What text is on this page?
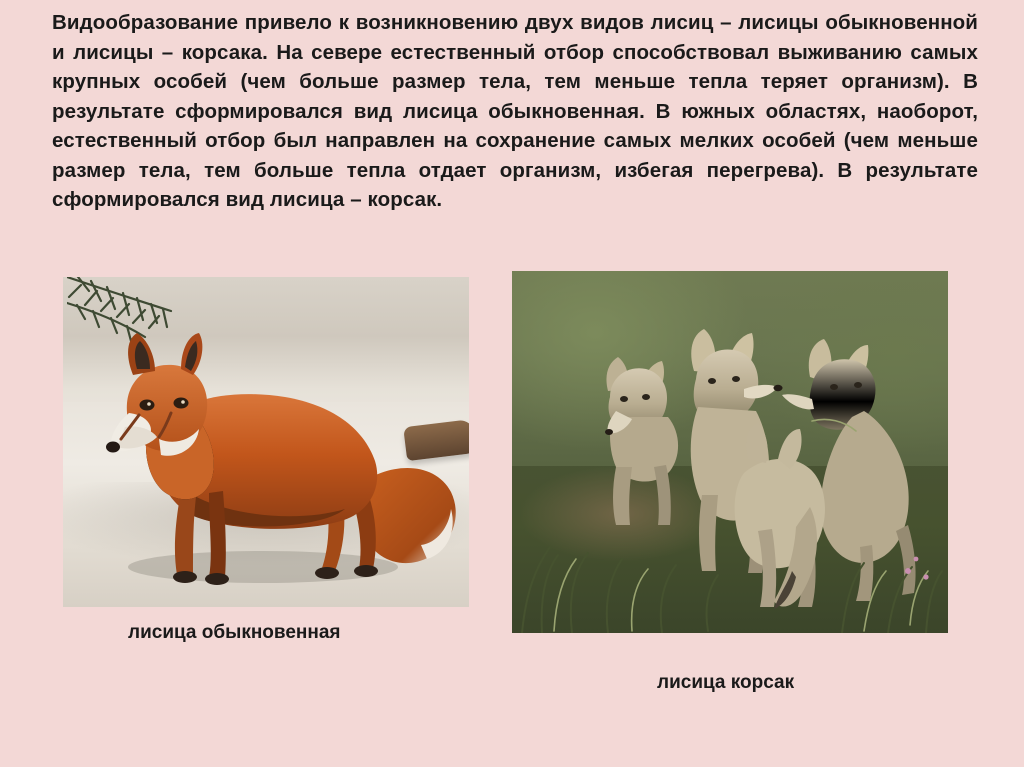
Видообразование привело к возникновению двух видов лисиц – лисицы обыкновенной и лисицы – корсака. На севере естественный отбор способствовал выживанию самых крупных особей (чем больше размер тела, тем меньше тепла теряет организм). В результате сформировался вид лисица обыкновенная. В южных областях, наоборот, естественный отбор был направлен на сохранение самых мелких особей (чем меньше размер тела, тем больше тепла отдает организм, избегая перегрева). В результате сформировался вид лисица – корсак.
лисица обыкновенная
лисица корсак
